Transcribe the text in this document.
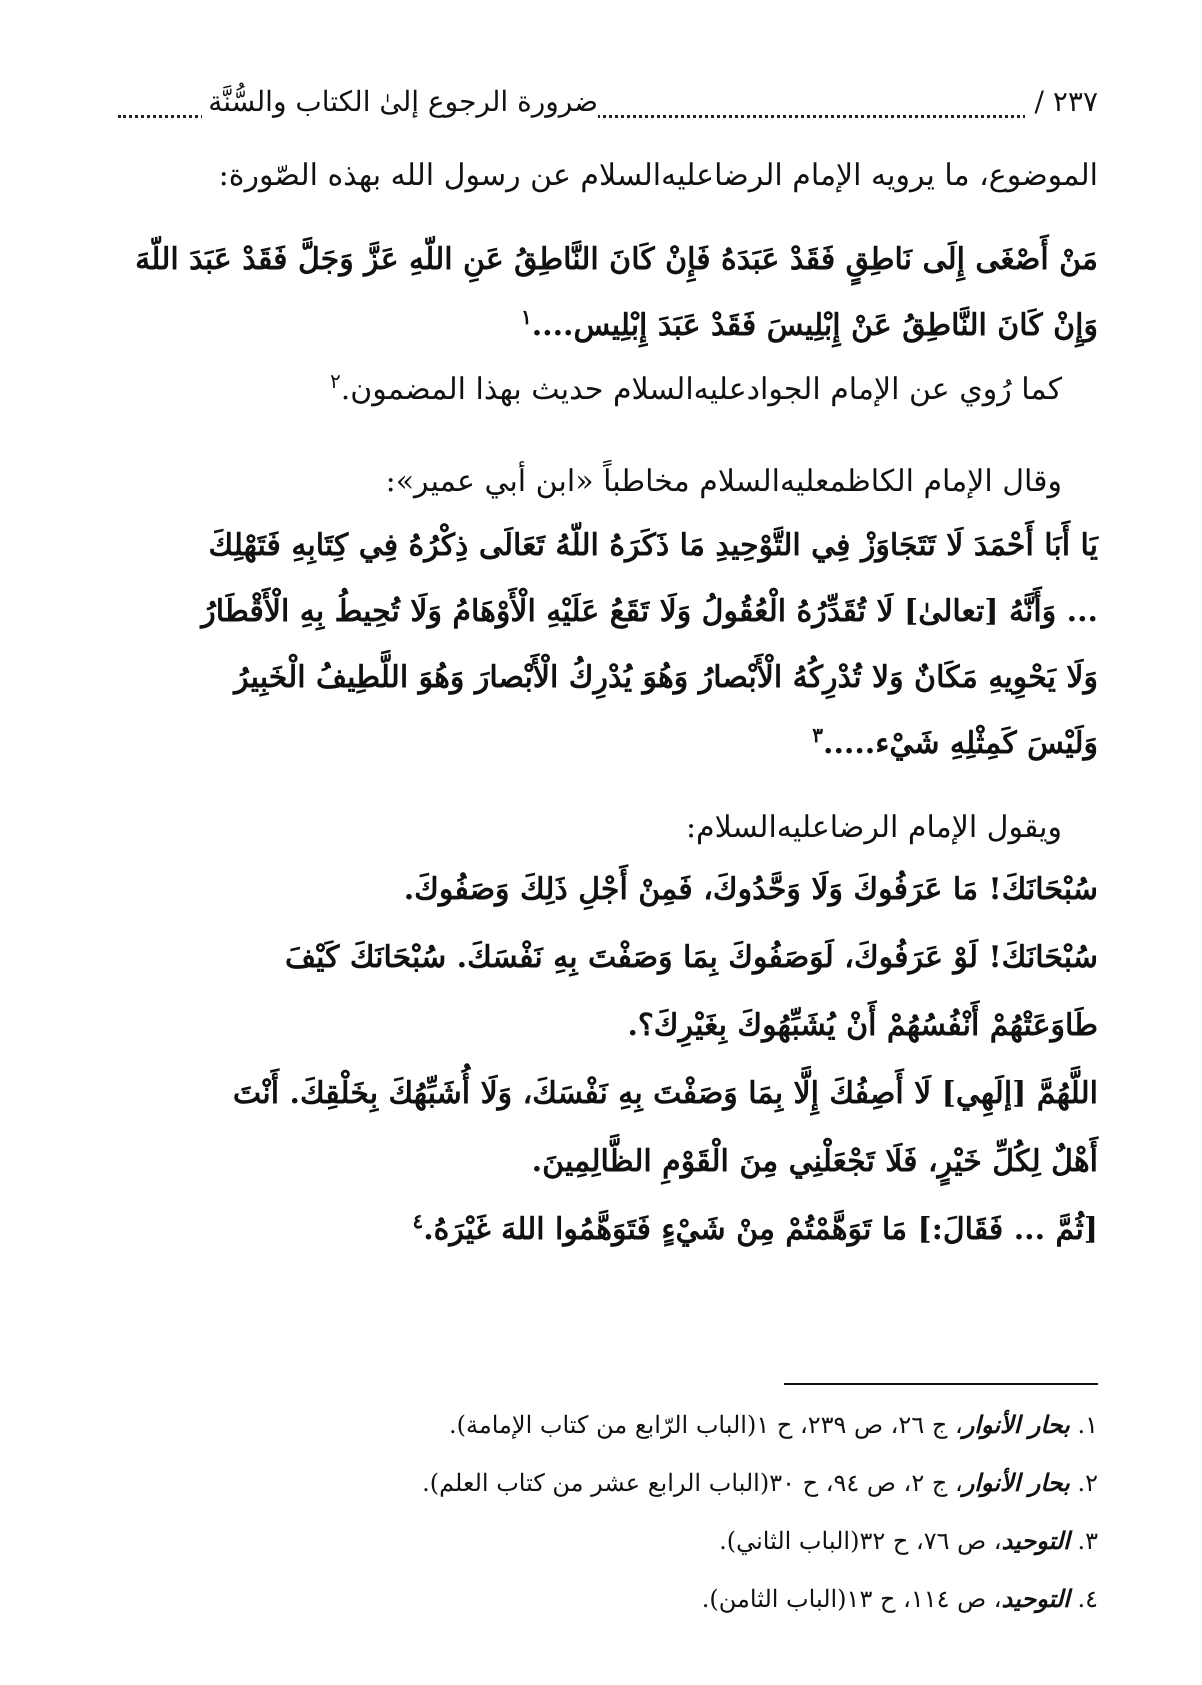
٢٣٧ /
ضرورة الرجوع إلىٰ الكتاب والسُّنَّة
الموضوع، ما يرويه الإمام الرضاعليه‌السلام عن رسول الله بهذه الصّورة:
مَنْ أَصْغَى إِلَى نَاطِقٍ فَقَدْ عَبَدَهُ فَإِنْ كَانَ النَّاطِقُ عَنِ اللّهِ عَزَّ وَجَلَّ فَقَدْ عَبَدَ اللّهَ
وَإِنْ كَانَ النَّاطِقُ عَنْ إِبْلِيسَ فَقَدْ عَبَدَ إِبْلِيس....$^١$
كما رُوي عن الإمام الجوادعليه‌السلام حديث بهذا المضمون.$^٢$
وقال الإمام الكاظمعليه‌السلام مخاطباً «ابن أبي عمير»:
يَا أَبَا أَحْمَدَ لَا تَتَجَاوَزْ فِي التَّوْحِيدِ مَا ذَكَرَهُ اللّهُ تَعَالَى ذِكْرُهُ فِي كِتَابِهِ فَتَهْلِكَ
... وَأَنَّهُ [تعالىٰ] لَا تُقَدِّرُهُ الْعُقُولُ وَلَا تَقَعُ عَلَيْهِ الْأَوْهَامُ وَلَا تُحِيطُ بِهِ الْأَقْطَارُ
وَلَا يَحْوِيهِ مَكَانٌ وَلا تُدْرِكُهُ الْأَبْصارُ وَهُوَ يُدْرِكُ الْأَبْصارَ وَهُوَ اللَّطِيفُ الْخَبِيرُ
وَلَيْسَ كَمِثْلِهِ شَيْء.....$^٣$
ويقول الإمام الرضاعليه‌السلام:
سُبْحَانَكَ! مَا عَرَفُوكَ وَلَا وَحَّدُوكَ، فَمِنْ أَجْلِ ذَلِكَ وَصَفُوكَ.
سُبْحَانَكَ! لَوْ عَرَفُوكَ، لَوَصَفُوكَ بِمَا وَصَفْتَ بِهِ نَفْسَكَ. سُبْحَانَكَ كَيْفَ
طَاوَعَتْهُمْ أَنْفُسُهُمْ أَنْ يُشَبِّهُوكَ بِغَيْرِكَ؟.
اللَّهُمَّ [إلَهِي] لَا أَصِفُكَ إِلَّا بِمَا وَصَفْتَ بِهِ نَفْسَكَ، وَلَا أُشَبِّهُكَ بِخَلْقِكَ. أَنْتَ
أَهْلٌ لِكُلِّ خَيْرٍ، فَلَا تَجْعَلْنِي مِنَ الْقَوْمِ الظَّالِمِينَ.
[ثُمَّ ... فَقَالَ:] مَا تَوَهَّمْتُمْ مِنْ شَيْءٍ فَتَوَهَّمُوا اللهَ غَيْرَهُ.$^٤$
١. بحار الأنوار، ج ٢٦، ص ٢٣٩، ح ١(الباب الرّابع من كتاب الإمامة).
٢. بحار الأنوار، ج ٢، ص ٩٤، ح ٣٠(الباب الرابع عشر من كتاب العلم).
٣. التوحيد، ص ٧٦، ح ٣٢(الباب الثاني).
٤. التوحيد، ص ١١٤، ح ١٣(الباب الثامن).
